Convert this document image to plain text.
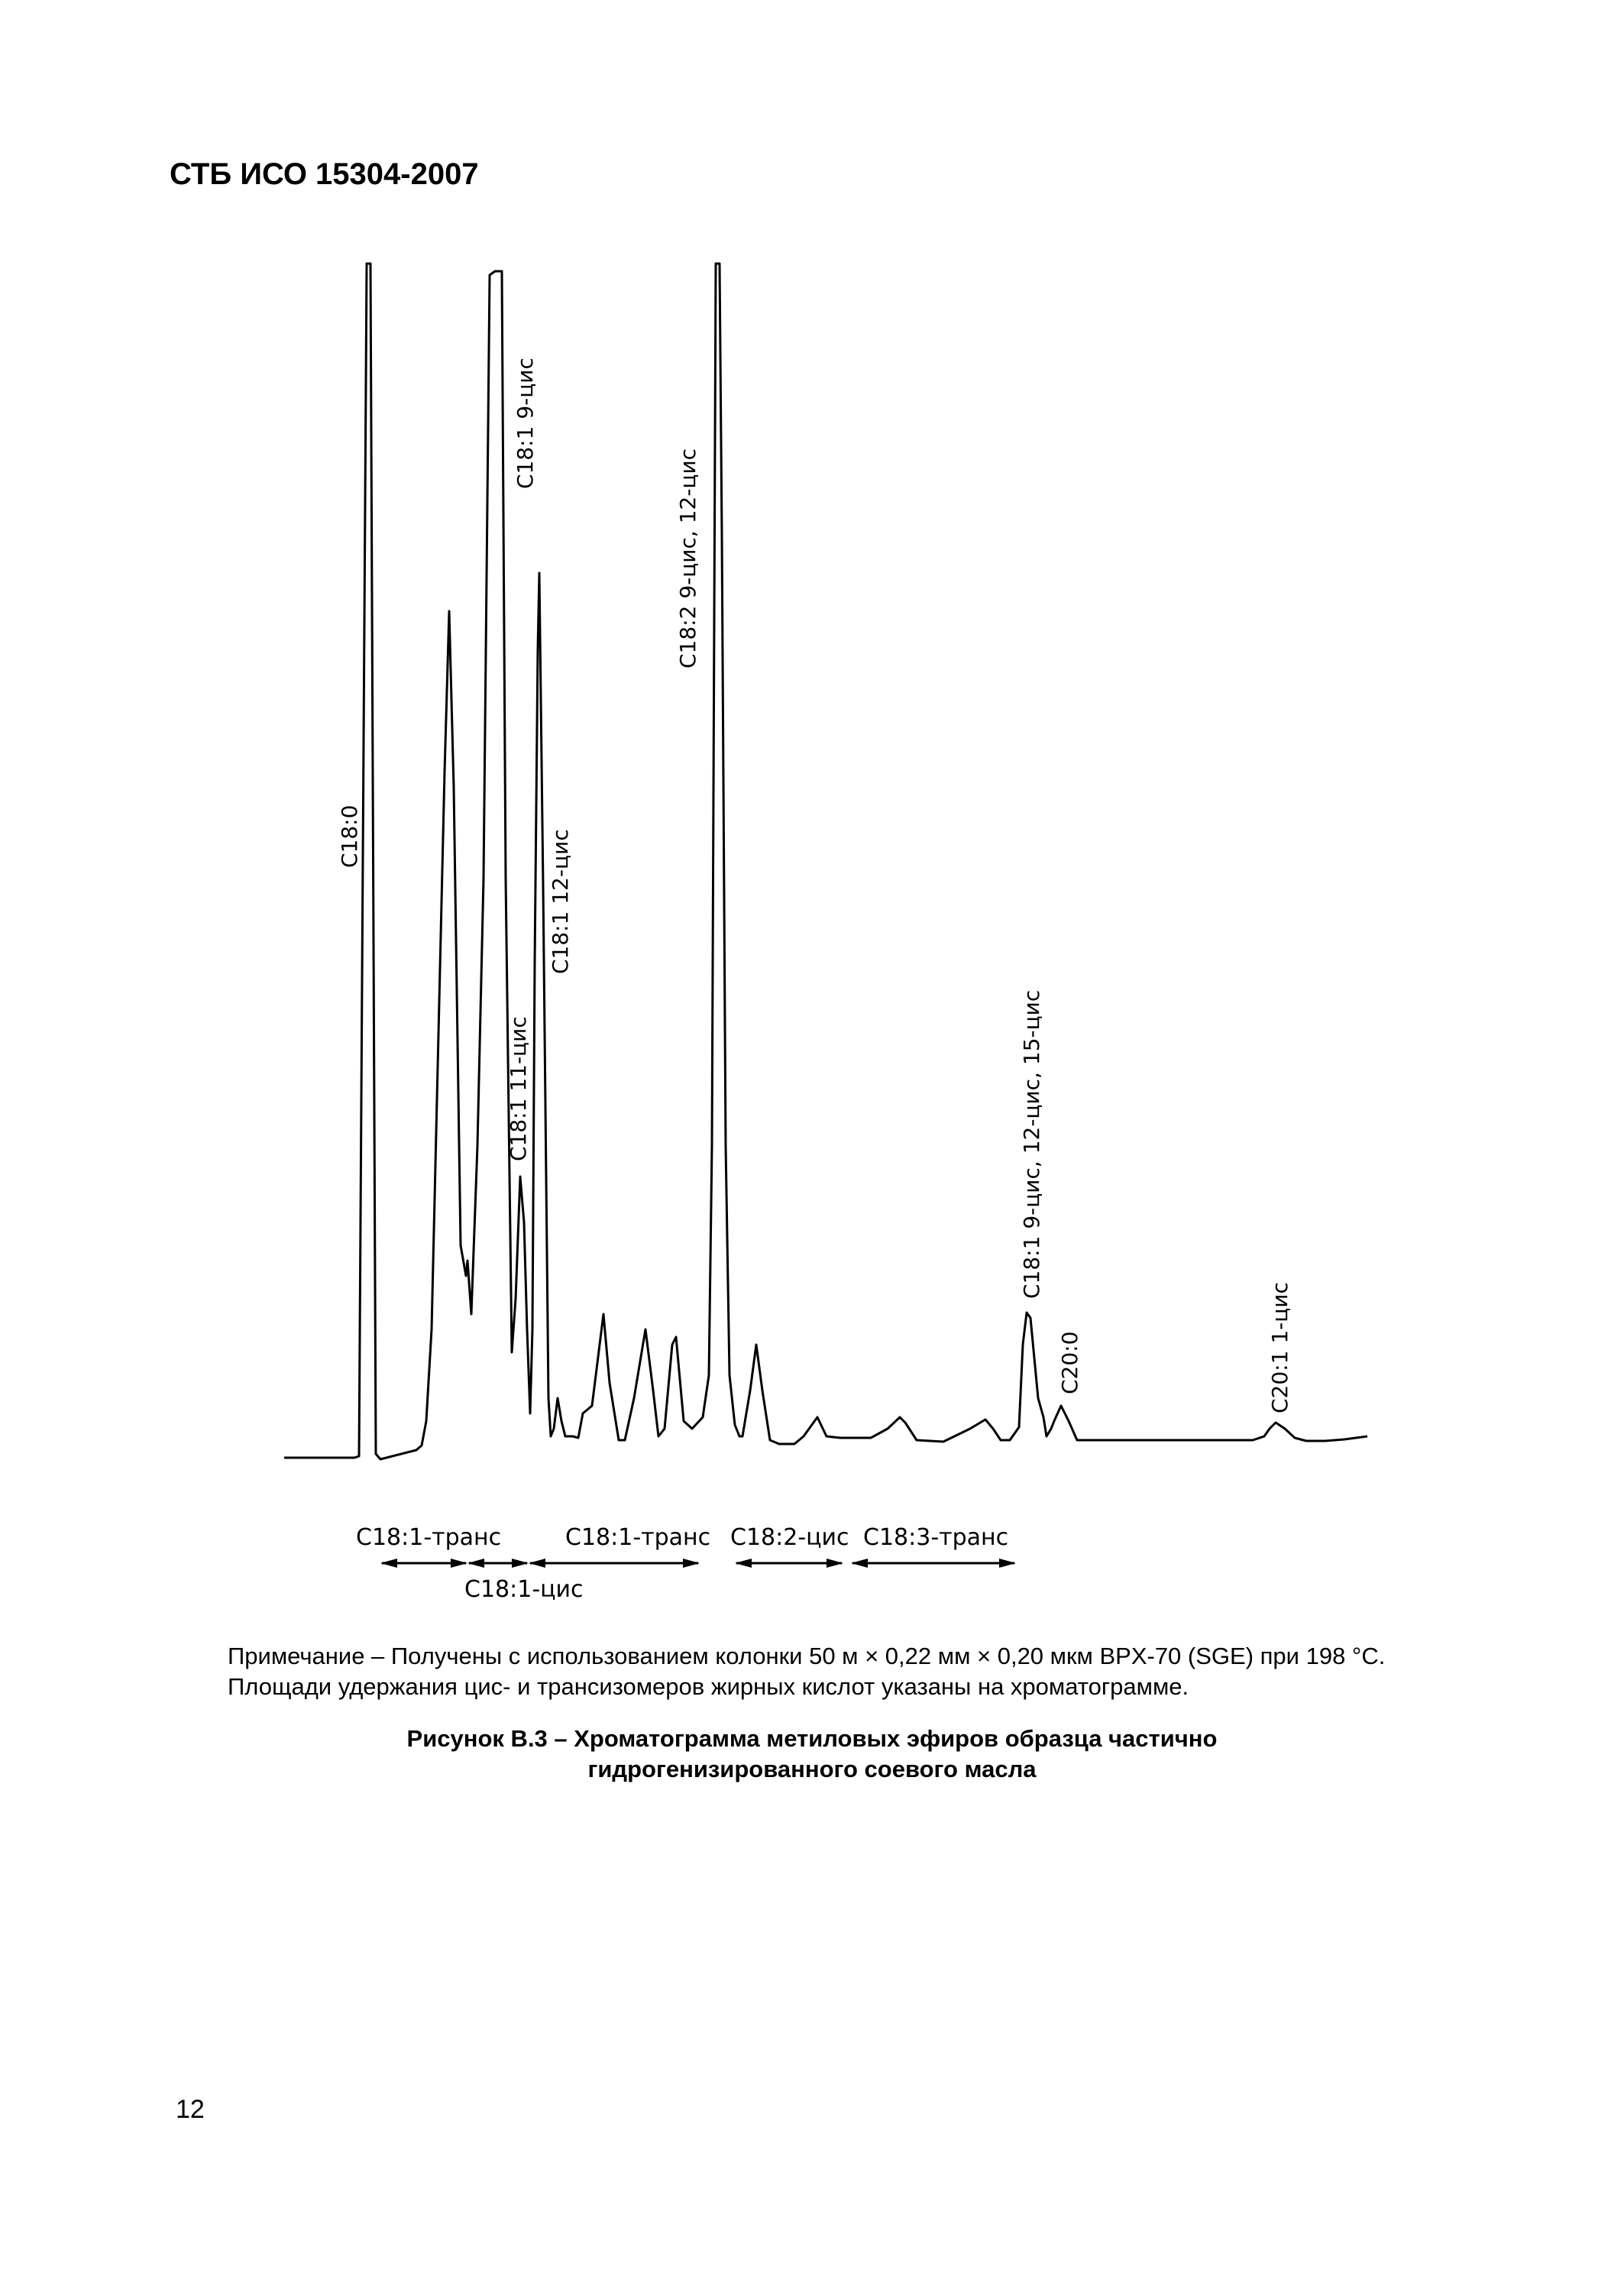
СТБ ИСО 15304-2007
C18:0
C18:1 9-цис
C18:1 11-цис
C18:1 12-цис
C18:2 9-цис, 12-цис
C18:1 9-цис, 12-цис, 15-цис
C20:0	C20:1 1-цис
C18:1-транс	C18:1-транс C18:2-цис C18:3-транс
C18:1-цис
Примечание – Получены с использованием колонки 50 м × 0,22 мм × 0,20 мкм BPX-70 (SGE) при 198 °С.
Площади удержания цис- и трансизомеров жирных кислот указаны на хроматограмме.
Рисунок В.3 – Хроматограмма метиловых эфиров образца частично
гидрогенизированного соевого масла
12
